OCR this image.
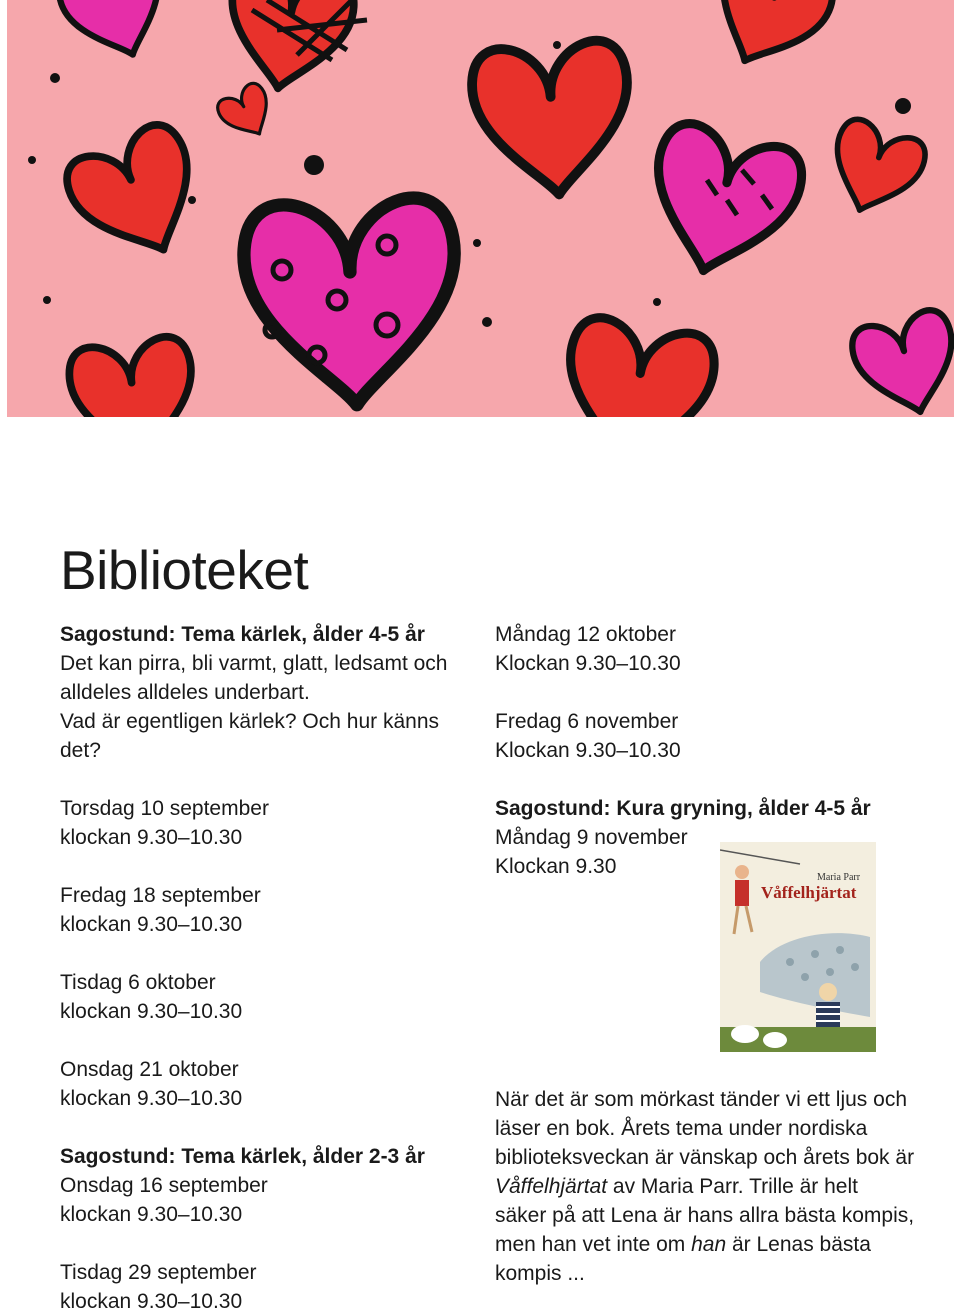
Biblioteket

Sagostund: Tema kärlek, ålder 4-5 år

Det kan pirra, bli varmt, glatt, ledsamt och alldeles alldeles underbart.

Vad är egentligen kärlek? Och hur känns det?

Torsdag 10 september

klockan 9.30–10.30

Fredag 18 september

klockan 9.30–10.30

Tisdag 6 oktober

klockan 9.30–10.30

Onsdag 21 oktober

klockan 9.30–10.30

Sagostund: Tema kärlek, ålder 2-3 år

Onsdag 16 september

klockan 9.30–10.30

Tisdag 29 september

klockan 9.30–10.30

Måndag 12 oktober

Klockan 9.30–10.30

Fredag 6 november

Klockan 9.30–10.30

Sagostund: Kura gryning, ålder 4-5 år

Måndag 9 november

Klockan 9.30	Maria Parr
Våffelhjärtat

När det är som mörkast tänder vi ett ljus och läser en bok. Årets tema under nordiska biblioteksveckan är vänskap och årets bok är Våffelhjärtat av Maria Parr. Trille är helt säker på att Lena är hans allra bästa kompis, men han vet inte om han är Lenas bästa kompis ...
